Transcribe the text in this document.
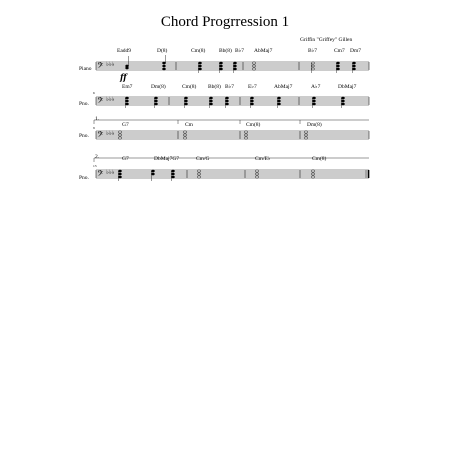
Chord Progrression 1
Griffin "Griffey" Gillen
Piano
Pno.
Pno.
Pno.
6
9
13
1.
2.
Eadd9	D(8)	Cm(8) Bb(8) B♭7 AbMaj7	B♭7	Cm7 Dm7
Em7	Dm(8)	Cm(8) Bb(8) B♭7	E♭7	AbMaj7	A♭7	DbMaj7
G7	Cm	Cm(8)	Dm(8)
G7	DbMaj7G7	Cm/G	Cm/E♭	Cm(8)
𝄢
𝄢
𝄢
𝄢
♭♭♭
♭♭♭
♭♭♭
♭♭♭
ff
